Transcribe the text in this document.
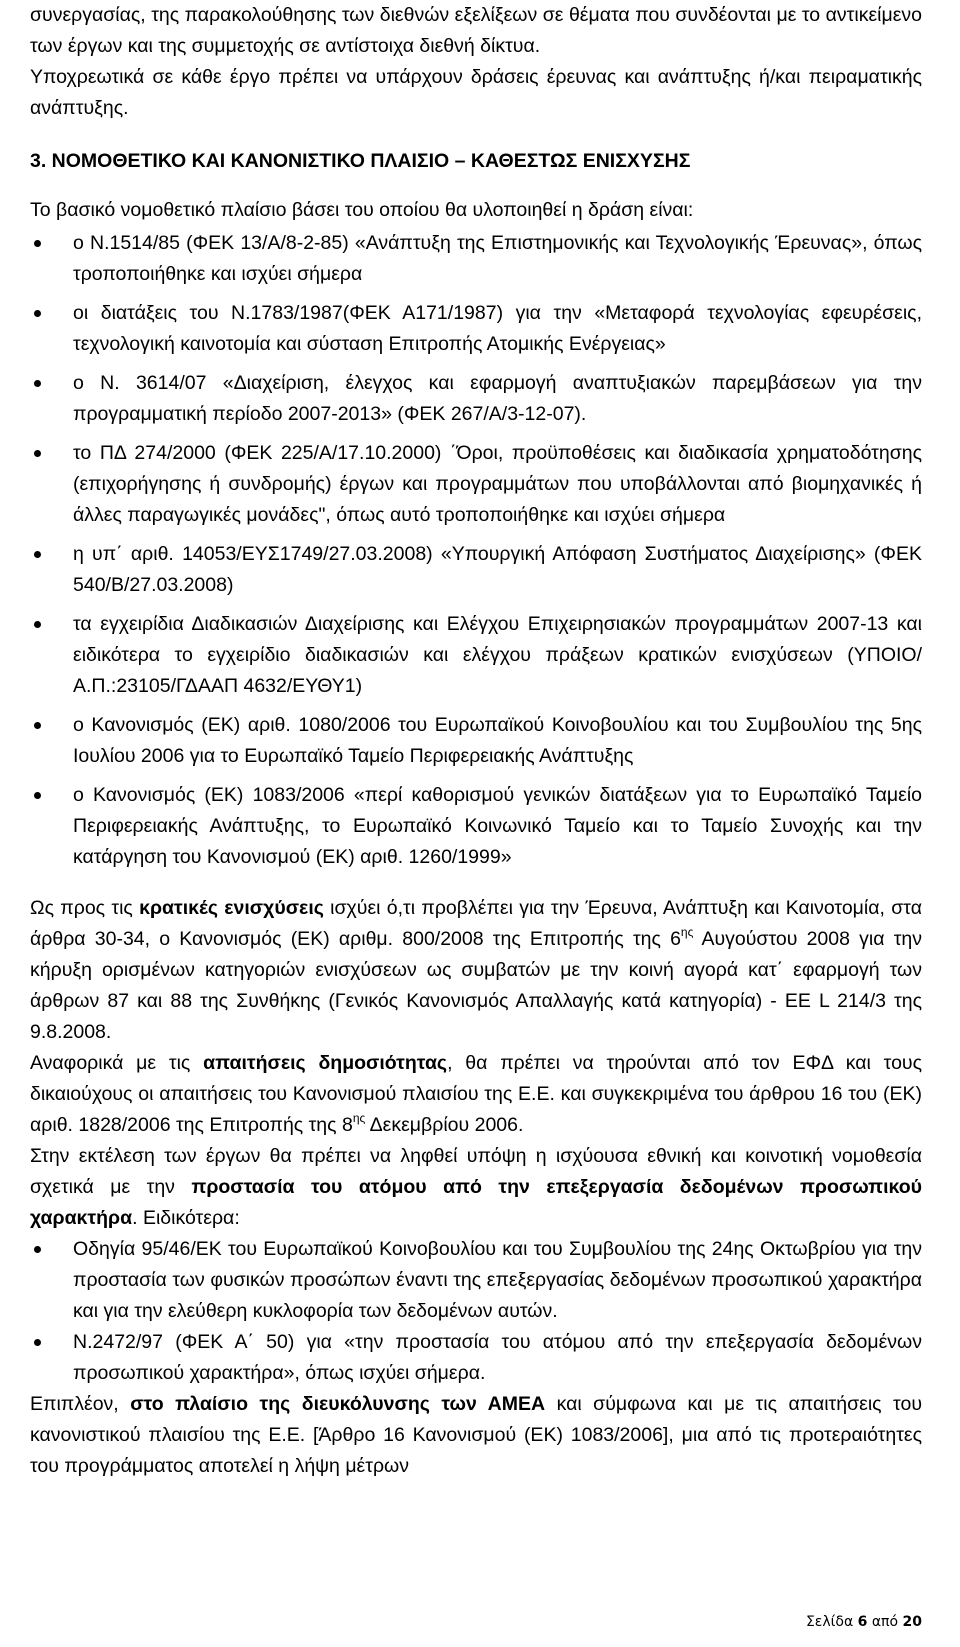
συνεργασίας, της παρακολούθησης των διεθνών εξελίξεων σε θέματα που συνδέονται με το αντικείμενο των έργων και της συμμετοχής σε αντίστοιχα διεθνή δίκτυα.

Υποχρεωτικά σε κάθε έργο πρέπει να υπάρχουν δράσεις έρευνας και ανάπτυξης ή/και πειραματικής ανάπτυξης.

3. ΝΟΜΟΘΕΤΙΚΟ ΚΑΙ ΚΑΝΟΝΙΣΤΙΚΟ ΠΛΑΙΣΙΟ – ΚΑΘΕΣΤΩΣ ΕΝΙΣΧΥΣΗΣ

Το βασικό νομοθετικό πλαίσιο βάσει του οποίου θα υλοποιηθεί η δράση είναι:

ο Ν.1514/85 (ΦΕΚ 13/Α/8-2-85) «Ανάπτυξη της Επιστημονικής και Τεχνολογικής Έρευνας», όπως τροποποιήθηκε και ισχύει σήμερα
οι διατάξεις του Ν.1783/1987(ΦΕΚ Α171/1987) για την «Μεταφορά τεχνολογίας εφευρέσεις, τεχνολογική καινοτομία και σύσταση Επιτροπής Ατομικής Ενέργειας»
ο Ν. 3614/07 «Διαχείριση, έλεγχος και εφαρμογή αναπτυξιακών παρεμβάσεων για την προγραμματική περίοδο 2007-2013» (ΦΕΚ 267/Α/3-12-07).
το ΠΔ 274/2000 (ΦΕΚ 225/Α/17.10.2000) ΄Όροι, προϋποθέσεις και διαδικασία χρηματοδότησης (επιχορήγησης ή συνδρομής) έργων και προγραμμάτων που υποβάλλονται από βιομηχανικές ή άλλες παραγωγικές μονάδες", όπως αυτό τροποποιήθηκε και ισχύει σήμερα
η υπ΄ αριθ. 14053/ΕΥΣ1749/27.03.2008) «Υπουργική Απόφαση Συστήματος Διαχείρισης» (ΦΕΚ 540/Β/27.03.2008)
τα εγχειρίδια Διαδικασιών Διαχείρισης και Ελέγχου Επιχειρησιακών προγραμμάτων 2007-13 και ειδικότερα το εγχειρίδιο διαδικασιών και ελέγχου πράξεων κρατικών ενισχύσεων (ΥΠΟΙΟ/Α.Π.:23105/ΓΔΑΑΠ 4632/ΕΥΘΥ1)
ο Κανονισμός (ΕΚ) αριθ. 1080/2006 του Ευρωπαϊκού Κοινοβουλίου και του Συμβουλίου της 5ης Ιουλίου 2006 για το Ευρωπαϊκό Ταμείο Περιφερειακής Ανάπτυξης
ο Κανονισμός (ΕΚ) 1083/2006 «περί καθορισμού γενικών διατάξεων για το Ευρωπαϊκό Ταμείο Περιφερειακής Ανάπτυξης, το Ευρωπαϊκό Κοινωνικό Ταμείο και το Ταμείο Συνοχής και την κατάργηση του Κανονισμού (ΕΚ) αριθ. 1260/1999»

Ως προς τις κρατικές ενισχύσεις ισχύει ό,τι προβλέπει για την Έρευνα, Ανάπτυξη και Καινοτομία, στα άρθρα 30-34, ο Κανονισμός (ΕΚ) αριθμ. 800/2008 της Επιτροπής της $6^{\eta\varsigma}$ Αυγούστου 2008 για την κήρυξη ορισμένων κατηγοριών ενισχύσεων ως συμβατών με την κοινή αγορά κατ΄ εφαρμογή των άρθρων 87 και 88 της Συνθήκης (Γενικός Κανονισμός Απαλλαγής κατά κατηγορία) - ΕΕ L 214/3 της 9.8.2008.

Αναφορικά με τις απαιτήσεις δημοσιότητας, θα πρέπει να τηρούνται από τον ΕΦΔ και τους δικαιούχους οι απαιτήσεις του Κανονισμού πλαισίου της Ε.Ε. και συγκεκριμένα του άρθρου 16 του (ΕΚ) αριθ. 1828/2006 της Επιτροπής της $8^{\eta\varsigma}$ Δεκεμβρίου 2006.

Στην εκτέλεση των έργων θα πρέπει να ληφθεί υπόψη η ισχύουσα εθνική και κοινοτική νομοθεσία σχετικά με την προστασία του ατόμου από την επεξεργασία δεδομένων προσωπικού χαρακτήρα. Ειδικότερα:

Οδηγία 95/46/ΕΚ του Ευρωπαϊκού Κοινοβουλίου και του Συμβουλίου της 24ης Οκτωβρίου για την προστασία των φυσικών προσώπων έναντι της επεξεργασίας δεδομένων προσωπικού χαρακτήρα και για την ελεύθερη κυκλοφορία των δεδομένων αυτών.
Ν.2472/97 (ΦΕΚ Α΄ 50) για «την προστασία του ατόμου από την επεξεργασία δεδομένων προσωπικού χαρακτήρα», όπως ισχύει σήμερα.

Επιπλέον, στο πλαίσιο της διευκόλυνσης των ΑΜΕΑ και σύμφωνα και με τις απαιτήσεις του κανονιστικού πλαισίου της Ε.Ε. [Άρθρο 16 Κανονισμού (ΕΚ) 1083/2006], μια από τις προτεραιότητες του προγράμματος αποτελεί η λήψη μέτρων

Σελίδα 6 από 20
